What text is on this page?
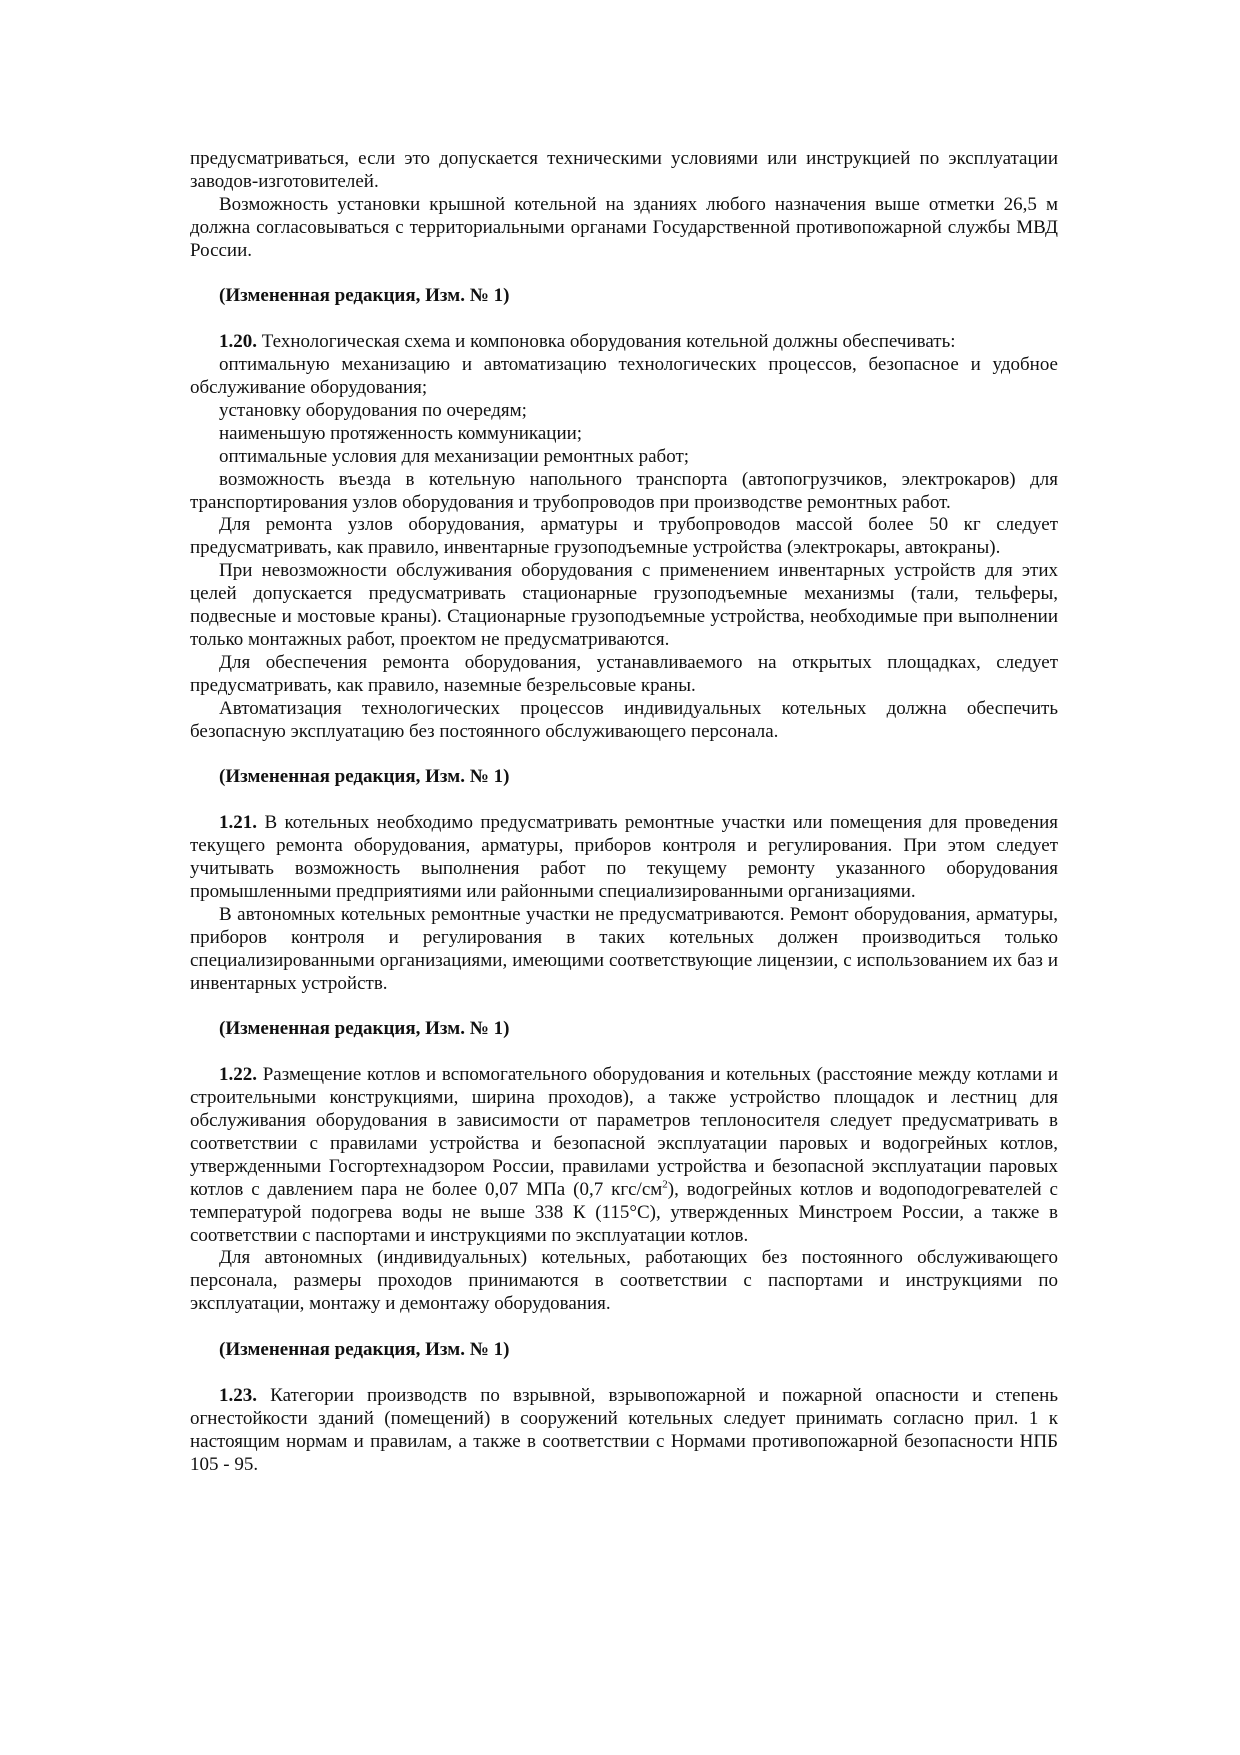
предусматриваться, если это допускается техническими условиями или инструкцией по эксплуатации заводов-изготовителей.

Возможность установки крышной котельной на зданиях любого назначения выше отметки 26,5 м должна согласовываться с территориальными органами Государственной противопожарной службы МВД России.

(Измененная редакция, Изм. № 1)

1.20. Технологическая схема и компоновка оборудования котельной должны обеспечивать:

оптимальную механизацию и автоматизацию технологических процессов, безопасное и удобное обслуживание оборудования;

установку оборудования по очередям;

наименьшую протяженность коммуникации;

оптимальные условия для механизации ремонтных работ;

возможность въезда в котельную напольного транспорта (автопогрузчиков, электрокаров) для транспортирования узлов оборудования и трубопроводов при производстве ремонтных работ.

Для ремонта узлов оборудования, арматуры и трубопроводов массой более 50 кг следует предусматривать, как правило, инвентарные грузоподъемные устройства (электрокары, автокраны).

При невозможности обслуживания оборудования с применением инвентарных устройств для этих целей допускается предусматривать стационарные грузоподъемные механизмы (тали, тельферы, подвесные и мостовые краны). Стационарные грузоподъемные устройства, необходимые при выполнении только монтажных работ, проектом не предусматриваются.

Для обеспечения ремонта оборудования, устанавливаемого на открытых площадках, следует предусматривать, как правило, наземные безрельсовые краны.

Автоматизация технологических процессов индивидуальных котельных должна обеспечить безопасную эксплуатацию без постоянного обслуживающего персонала.

(Измененная редакция, Изм. № 1)

1.21. В котельных необходимо предусматривать ремонтные участки или помещения для проведения текущего ремонта оборудования, арматуры, приборов контроля и регулирования. При этом следует учитывать возможность выполнения работ по текущему ремонту указанного оборудования промышленными предприятиями или районными специализированными организациями.

В автономных котельных ремонтные участки не предусматриваются. Ремонт оборудования, арматуры, приборов контроля и регулирования в таких котельных должен производиться только специализированными организациями, имеющими соответствующие лицензии, с использованием их баз и инвентарных устройств.

(Измененная редакция, Изм. № 1)

1.22. Размещение котлов и вспомогательного оборудования и котельных (расстояние между котлами и строительными конструкциями, ширина проходов), а также устройство площадок и лестниц для обслуживания оборудования в зависимости от параметров теплоносителя следует предусматривать в соответствии с правилами устройства и безопасной эксплуатации паровых и водогрейных котлов, утвержденными Госгортехнадзором России, правилами устройства и безопасной эксплуатации паровых котлов с давлением пара не более 0,07 МПа (0,7 кгс/$см^2$), водогрейных котлов и водоподогревателей с температурой подогрева воды не выше 338 К (115°С), утвержденных Минстроем России, а также в соответствии с паспортами и инструкциями по эксплуатации котлов.

Для автономных (индивидуальных) котельных, работающих без постоянного обслуживающего персонала, размеры проходов принимаются в соответствии с паспортами и инструкциями по эксплуатации, монтажу и демонтажу оборудования.

(Измененная редакция, Изм. № 1)

1.23. Категории производств по взрывной, взрывопожарной и пожарной опасности и степень огнестойкости зданий (помещений) в сооружений котельных следует принимать согласно прил. 1 к настоящим нормам и правилам, а также в соответствии с Нормами противопожарной безопасности НПБ 105 - 95.
